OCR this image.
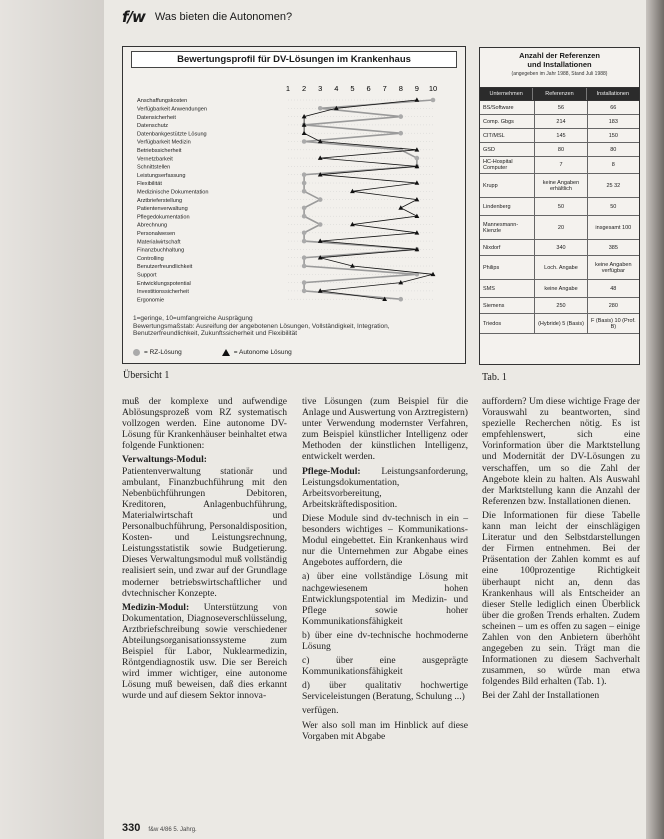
f/w Was bieten die Autonomen?
Bewertungsprofil für DV-Lösungen im Krankenhaus
1 2 3 4 5 6 7 8 9 10
Anschaffungskosten
Verfügbarkeit Anwendungen
Datensicherheit
Datenschutz
Datenbankgestützte Lösung
Verfügbarkeit Medizin
Betriebssicherheit
Vernetzbarkeit
Schnittstellen
Leistungserfassung
Flexibilität
Medizinische Dokumentation
Arztbrieferstellung
Patientenverwaltung
Pflegedokumentation
Abrechnung
Personalwesen
Materialwirtschaft
Finanzbuchhaltung
Controlling
Benutzerfreundlichkeit
Support
Entwicklungspotential
Investitionssicherheit
Ergonomie
1=geringe, 10=umfangreiche Ausprägung
Bewertungsmaßstab: Ausreifung der angebotenen Lösungen, Vollständigkeit, Integration, Benutzerfreundlichkeit, Zukunftssicherheit und Flexibilität
= RZ-Lösung	= Autonome Lösung
Übersicht 1
Anzahl der Referenzen
und Installationen
(angegeben im Jahr 1988, Stand Juli 1988)
Unternehmen	Referenzen	Installationen
BS/Software	56	66
Comp. Gbgs	214	183
CIT/MSL	145	150
GSD	80	80
HC-Hospital Computer	7	8
Krupp	keine Angaben erhältlich	25 32
Lindenberg	50	50
Mannesmann-Kienzle	20	insgesamt 100
Nixdorf	340	385
Philips	Loch. Angabe	keine Angaben verfügbar
SMS	keine Angabe	48
Siemens	250	280
Triedos	(Hybride) 5 (Basis)	F (Basis) 10 (Prof. B)
Tab. 1

muß der komplexe und aufwendige Ablösungsprozeß vom RZ systematisch vollzogen werden. Eine autonome DV-Lösung für Krankenhäuser beinhaltet etwa folgende Funktionen:

Verwaltungs-Modul: Patientenverwaltung stationär und ambulant, Finanzbuchführung mit den Nebenbüchführungen Debitoren, Kreditoren, Anlagenbuchführung, Materialwirtschaft und Personalbuchführung, Personaldisposition, Kosten- und Leistungsrechnung, Leistungsstatistik sowie Budgetierung. Dieses Verwaltungsmodul muß vollständig realisiert sein, und zwar auf der Grundlage moderner betriebswirtschaftlicher und dvtechnischer Konzepte.

Medizin-Modul: Unterstützung von Dokumentation, Diagnoseverschlüsselung, Arztbriefschreibung sowie verschiedener Abteilungsorganisationssysteme zum Beispiel für Labor, Nuklearmedizin, Röntgendiagnostik usw. Die ser Bereich wird immer wichtiger, eine autonome Lösung muß beweisen, daß dies erkannt wurde und auf diesem Sektor innova-

tive Lösungen (zum Beispiel für die Anlage und Auswertung von Arztregistern) unter Verwendung modernster Verfahren, zum Beispiel künstlicher Intelligenz oder Methoden der künstlichen Intelligenz, entwickelt werden.

Pflege-Modul: Leistungsanforderung, Leistungsdokumentation, Arbeitsvorbereitung, Arbeitskräftedisposition.

Diese Module sind dv-technisch in ein – besonders wichtiges – Kommunikations-Modul eingebettet. Ein Krankenhaus wird nur die Unternehmen zur Abgabe eines Angebotes auffordern, die

a) über eine vollständige Lösung mit nachgewiesenem hohen Entwicklungspotential im Medizin- und Pflege sowie hoher Kommunikationsfähigkeit

b) über eine dv-technische hochmoderne Lösung

c) über eine ausgeprägte Kommunikationsfähigkeit

d) über qualitativ hochwertige Serviceleistungen (Beratung, Schulung ...)

verfügen.

Wer also soll man im Hinblick auf diese Vorgaben mit Abgabe

auffordern? Um diese wichtige Frage der Vorauswahl zu beantworten, sind spezielle Recherchen nötig. Es ist empfehlenswert, sich eine Vorinformation über die Marktstellung und Modernität der DV-Lösungen zu verschaffen, um so die Zahl der Angebote klein zu halten. Als Auswahl der Marktstellung kann die Anzahl der Referenzen bzw. Installationen dienen.

Die Informationen für diese Tabelle kann man leicht der einschlägigen Literatur und den Selbstdarstellungen der Firmen entnehmen. Bei der Präsentation der Zahlen kommt es auf eine 100prozentige Richtigkeit überhaupt nicht an, denn das Krankenhaus will als Entscheider an dieser Stelle lediglich einen Überblick über die großen Trends erhalten. Zudem scheinen – um es offen zu sagen – einige Zahlen von den Anbietern überhöht angegeben zu sein. Trägt man die Informationen zu diesem Sachverhalt zusammen, so würde man etwa folgendes Bild erhalten (Tab. 1).

Bei der Zahl der Installationen

330 f&w 4/86 5. Jahrg.
